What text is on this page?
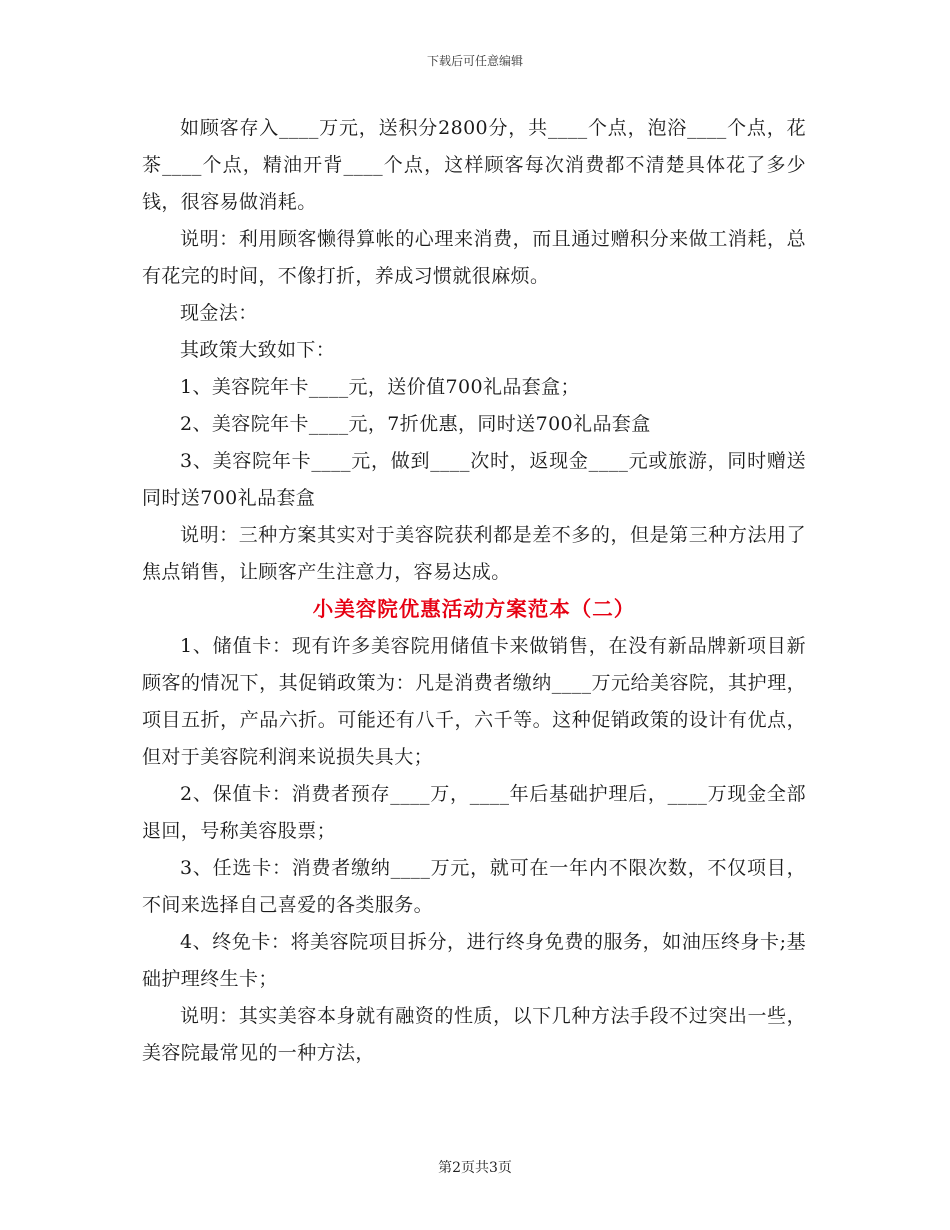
下载后可任意编辑

如顾客存入____万元，送积分2800分，共____个点，泡浴____个点，花茶____个点，精油开背____个点，这样顾客每次消费都不清楚具体花了多少钱，很容易做消耗。

说明：利用顾客懒得算帐的心理来消费，而且通过赠积分来做工消耗，总有花完的时间，不像打折，养成习惯就很麻烦。

现金法：

其政策大致如下：

1、美容院年卡____元，送价值700礼品套盒；

2、美容院年卡____元，7折优惠，同时送700礼品套盒

3、美容院年卡____元，做到____次时，返现金____元或旅游，同时赠送同时送700礼品套盒

说明：三种方案其实对于美容院获利都是差不多的，但是第三种方法用了焦点销售，让顾客产生注意力，容易达成。

小美容院优惠活动方案范本（二）

1、储值卡：现有许多美容院用储值卡来做销售，在没有新品牌新项目新顾客的情况下，其促销政策为：凡是消费者缴纳____万元给美容院，其护理，项目五折，产品六折。可能还有八千，六千等。这种促销政策的设计有优点，但对于美容院利润来说损失具大；

2、保值卡：消费者预存____万，____年后基础护理后，____万现金全部退回，号称美容股票；

3、任选卡：消费者缴纳____万元，就可在一年内不限次数，不仅项目，不间来选择自己喜爱的各类服务。

4、终免卡：将美容院项目拆分，进行终身免费的服务，如油压终身卡;基础护理终生卡；

说明：其实美容本身就有融资的性质，以下几种方法手段不过突出一些，美容院最常见的一种方法，

第2页共3页
